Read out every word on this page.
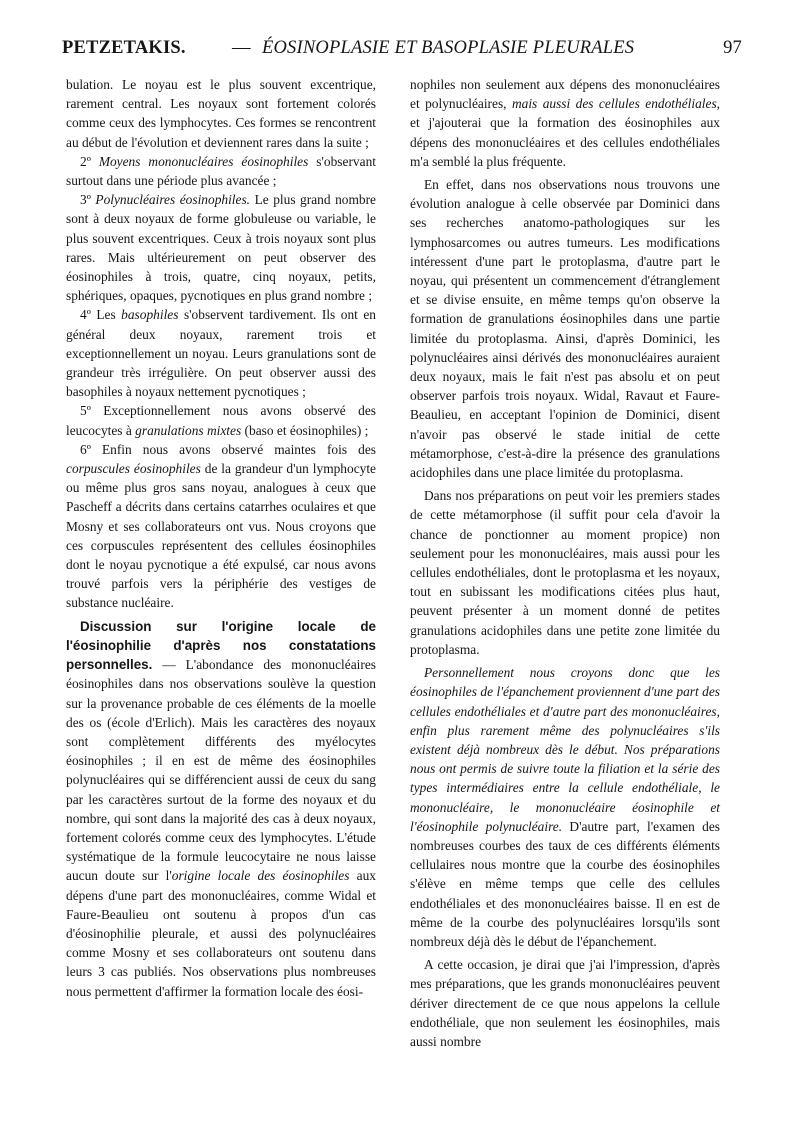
PETZETAKIS.	— ÉOSINOPLASIE ET BASOPLASIE PLEURALES	97

bulation. Le noyau est le plus souvent excentrique, rarement central. Les noyaux sont fortement colorés comme ceux des lymphocytes. Ces formes se rencontrent au début de l'évolution et deviennent rares dans la suite ;

2º Moyens mononucléaires éosinophiles s'observant surtout dans une période plus avancée ;

3º Polynucléaires éosinophiles. Le plus grand nombre sont à deux noyaux de forme globuleuse ou variable, le plus souvent excentriques. Ceux à trois noyaux sont plus rares. Mais ultérieurement on peut observer des éosinophiles à trois, quatre, cinq noyaux, petits, sphériques, opaques, pycnotiques en plus grand nombre ;

4º Les basophiles s'observent tardivement. Ils ont en général deux noyaux, rarement trois et exceptionnellement un noyau. Leurs granulations sont de grandeur très irrégulière. On peut observer aussi des basophiles à noyaux nettement pycnotiques ;

5º Exceptionnellement nous avons observé des leucocytes à granulations mixtes (baso et éosinophiles) ;

6º Enfin nous avons observé maintes fois des corpuscules éosinophiles de la grandeur d'un lymphocyte ou même plus gros sans noyau, analogues à ceux que Pascheff a décrits dans certains catarrhes oculaires et que Mosny et ses collaborateurs ont vus. Nous croyons que ces corpuscules représentent des cellules éosinophiles dont le noyau pycnotique a été expulsé, car nous avons trouvé parfois vers la périphérie des vestiges de substance nucléaire.

Discussion sur l'origine locale de l'éosinophilie d'après nos constatations personnelles. — L'abondance des mononucléaires éosinophiles dans nos observations soulève la question sur la provenance probable de ces éléments de la moelle des os (école d'Erlich). Mais les caractères des noyaux sont complètement différents des myélocytes éosinophiles ; il en est de même des éosinophiles polynucléaires qui se différencient aussi de ceux du sang par les caractères surtout de la forme des noyaux et du nombre, qui sont dans la majorité des cas à deux noyaux, fortement colorés comme ceux des lymphocytes. L'étude systématique de la formule leucocytaire ne nous laisse aucun doute sur l'origine locale des éosinophiles aux dépens d'une part des mononucléaires, comme Widal et Faure-Beaulieu ont soutenu à propos d'un cas d'éosinophilie pleurale, et aussi des polynucléaires comme Mosny et ses collaborateurs ont soutenu dans leurs 3 cas publiés. Nos observations plus nombreuses nous permettent d'affirmer la formation locale des éosi-

nophiles non seulement aux dépens des mononucléaires et polynucléaires, mais aussi des cellules endothéliales, et j'ajouterai que la formation des éosinophiles aux dépens des mononucléaires et des cellules endothéliales m'a semblé la plus fréquente.

En effet, dans nos observations nous trouvons une évolution analogue à celle observée par Dominici dans ses recherches anatomo-pathologiques sur les lymphosarcomes ou autres tumeurs. Les modifications intéressent d'une part le protoplasma, d'autre part le noyau, qui présentent un commencement d'étranglement et se divise ensuite, en même temps qu'on observe la formation de granulations éosinophiles dans une partie limitée du protoplasma. Ainsi, d'après Dominici, les polynucléaires ainsi dérivés des mononucléaires auraient deux noyaux, mais le fait n'est pas absolu et on peut observer parfois trois noyaux. Widal, Ravaut et Faure-Beaulieu, en acceptant l'opinion de Dominici, disent n'avoir pas observé le stade initial de cette métamorphose, c'est-à-dire la présence des granulations acidophiles dans une place limitée du protoplasma.

Dans nos préparations on peut voir les premiers stades de cette métamorphose (il suffit pour cela d'avoir la chance de ponctionner au moment propice) non seulement pour les mononucléaires, mais aussi pour les cellules endothéliales, dont le protoplasma et les noyaux, tout en subissant les modifications citées plus haut, peuvent présenter à un moment donné de petites granulations acidophiles dans une petite zone limitée du protoplasma.

Personnellement nous croyons donc que les éosinophiles de l'épanchement proviennent d'une part des cellules endothéliales et d'autre part des mononucléaires, enfin plus rarement même des polynucléaires s'ils existent déjà nombreux dès le début. Nos préparations nous ont permis de suivre toute la filiation et la série des types intermédiaires entre la cellule endothéliale, le mononucléaire, le mononucléaire éosinophile et l'éosinophile polynucléaire. D'autre part, l'examen des nombreuses courbes des taux de ces différents éléments cellulaires nous montre que la courbe des éosinophiles s'élève en même temps que celle des cellules endothéliales et des mononucléaires baisse. Il en est de même de la courbe des polynucléaires lorsqu'ils sont nombreux déjà dès le début de l'épanchement.

A cette occasion, je dirai que j'ai l'impression, d'après mes préparations, que les grands mononucléaires peuvent dériver directement de ce que nous appelons la cellule endothéliale, que non seulement les éosinophiles, mais aussi nombre
